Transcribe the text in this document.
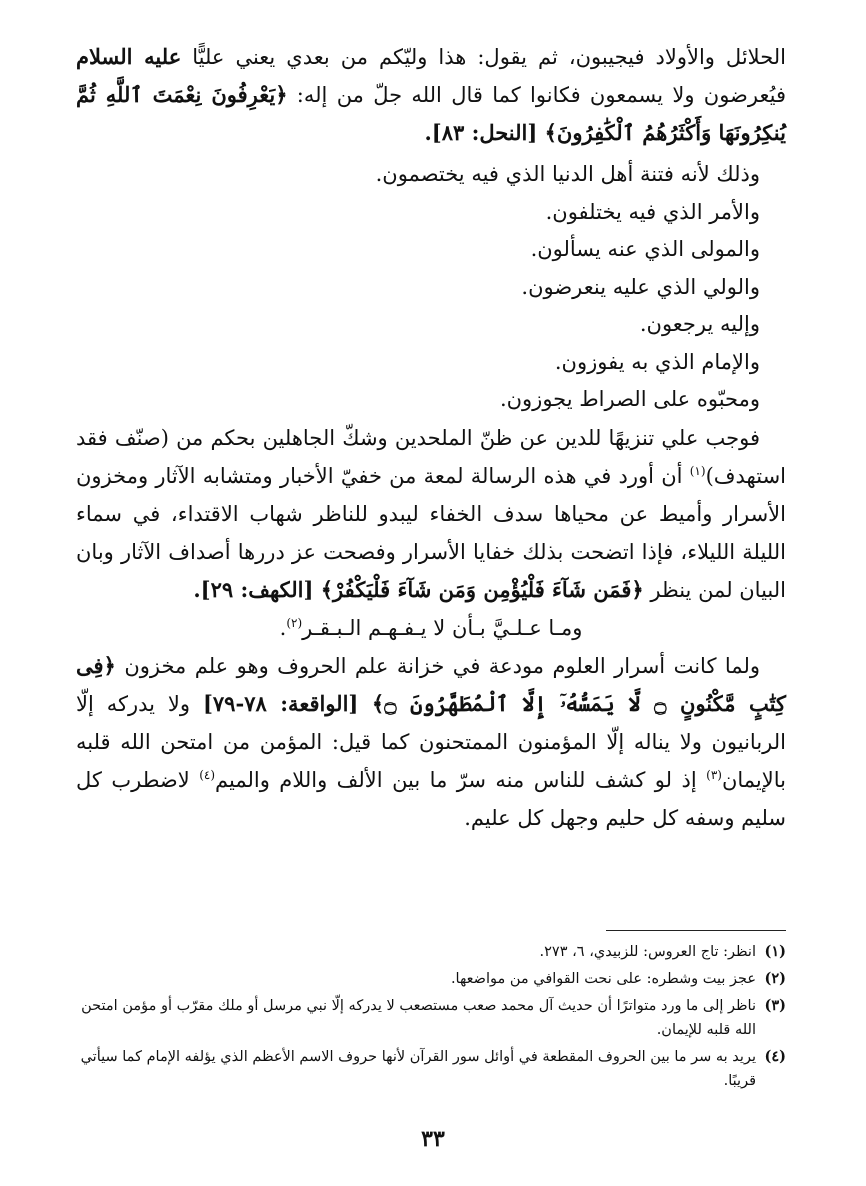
الحلائل والأولاد فيجيبون، ثم يقول: هذا وليّكم من بعدي يعني عليًّا عليه السلام فيُعرضون ولا يسمعون فكانوا كما قال الله جلّ من إله: ﴿يَعْرِفُونَ نِعْمَتَ ٱللَّهِ ثُمَّ يُنكِرُونَهَا وَأَكْثَرُهُمُ ٱلْكَٰفِرُونَ﴾ [النحل: ٨٣].

وذلك لأنه فتنة أهل الدنيا الذي فيه يختصمون.
والأمر الذي فيه يختلفون.
والمولى الذي عنه يسألون.
والولي الذي عليه ينعرضون.
وإليه يرجعون.
والإمام الذي به يفوزون.
ومحبّوه على الصراط يجوزون.

فوجب علي تنزيهًا للدين عن ظنّ الملحدين وشكّ الجاهلين بحكم من (صنّف فقد استهدف)$^{(١)}$ أن أورد في هذه الرسالة لمعة من خفيّ الأخبار ومتشابه الآثار ومخزون الأسرار وأميط عن محياها سدف الخفاء ليبدو للناظر شهاب الاقتداء، في سماء الليلة الليلاء، فإذا اتضحت بذلك خفايا الأسرار وفصحت عز دررها أصداف الآثار وبان البيان لمن ينظر ﴿فَمَن شَآءَ فَلْيُؤْمِن وَمَن شَآءَ فَلْيَكْفُرْ﴾ [الكهف: ٢٩].

ومـا عـلـيَّ بـأن لا يـفـهـم الـبـقـر$^{(٢)}$.

ولما كانت أسرار العلوم مودعة في خزانة علم الحروف وهو علم مخزون ﴿فِى كِتَٰبٍ مَّكْنُونٍ ۝ لَّا يَمَسُّهُۥٓ إِلَّا ٱلْمُطَهَّرُونَ ۝﴾ [الواقعة: ٧٨-٧٩] ولا يدركه إلّا الربانيون ولا يناله إلّا المؤمنون الممتحنون كما قيل: المؤمن من امتحن الله قلبه بالإيمان$^{(٣)}$ إذ لو كشف للناس منه سرّ ما بين الألف واللام والميم$^{(٤)}$ لاضطرب كل سليم وسفه كل حليم وجهل كل عليم.

(١)
انظر: تاج العروس: للزبيدي، ٦، ٢٧٣.

(٢)
عجز بيت وشطره: على نحت القوافي من مواضعها.

(٣)
ناظر إلى ما ورد متواترًا أن حديث آل محمد صعب مستصعب لا يدركه إلّا نبي مرسل أو ملك مقرّب أو مؤمن امتحن الله قلبه للإيمان.

(٤)
يريد به سر ما بين الحروف المقطعة في أوائل سور القرآن لأنها حروف الاسم الأعظم الذي يؤلفه الإمام كما سيأتي قريبًا.

٣٣
